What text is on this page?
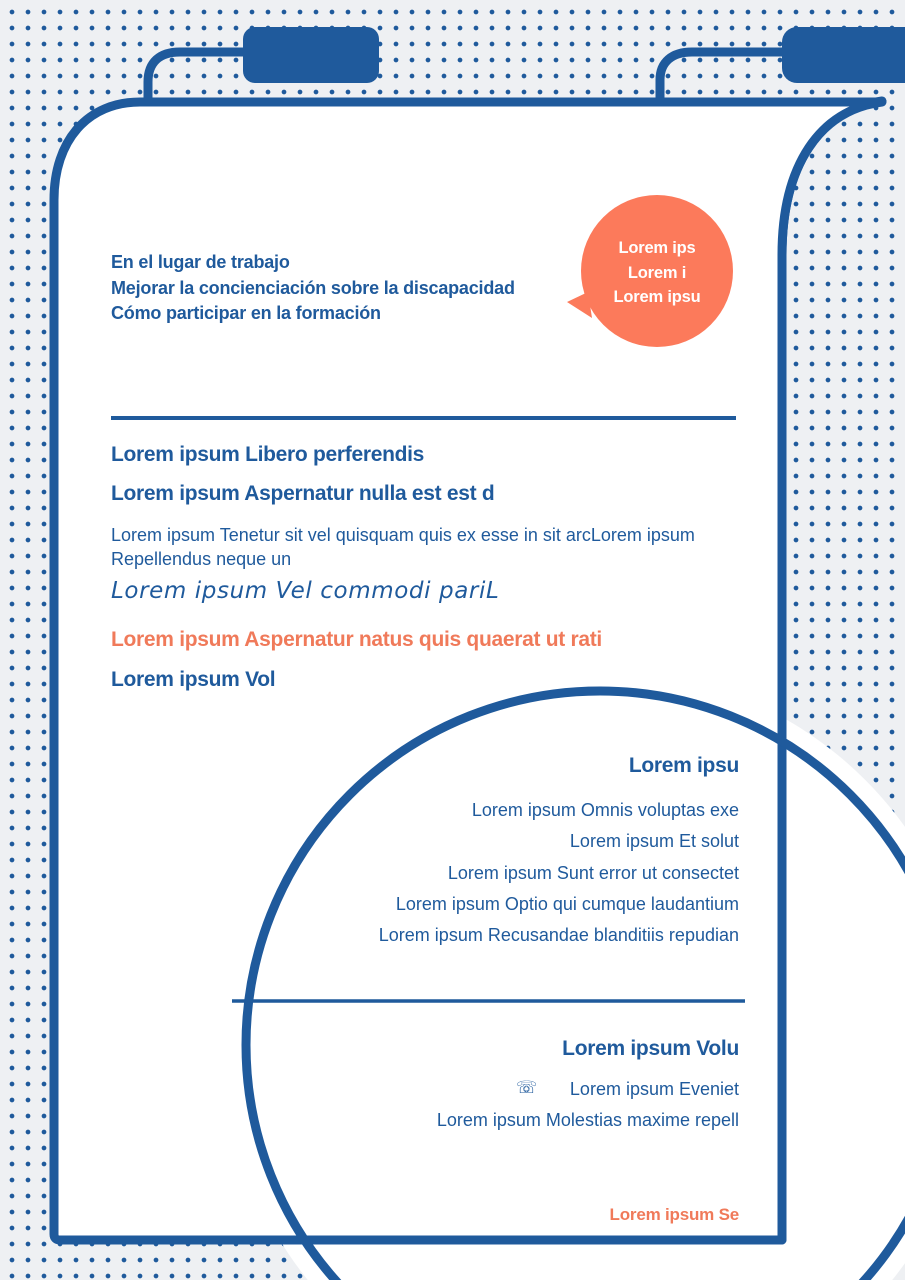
En el lugar de trabajo
Mejorar la concienciación sobre la discapacidad
Cómo participar en la formación
Lorem ips
Lorem i
Lorem ipsu
Lorem ipsum Libero perferendis
Lorem ipsum Aspernatur nulla est est d
Lorem ipsum Tenetur sit vel quisquam quis ex esse in sit arcLorem ipsum Repellendus neque un
Lorem ipsum Vel commodi pariL
Lorem ipsum Aspernatur natus quis quaerat ut rati
Lorem ipsum Vol
Lorem ipsu
Lorem ipsum Omnis voluptas exe
Lorem ipsum Et solut
Lorem ipsum Sunt error ut consectet
Lorem ipsum Optio qui cumque laudantium
Lorem ipsum Recusandae blanditiis repudian
Lorem ipsum Volu
☏ Lorem ipsum Eveniet
Lorem ipsum Molestias maxime repell
Lorem ipsum Se
